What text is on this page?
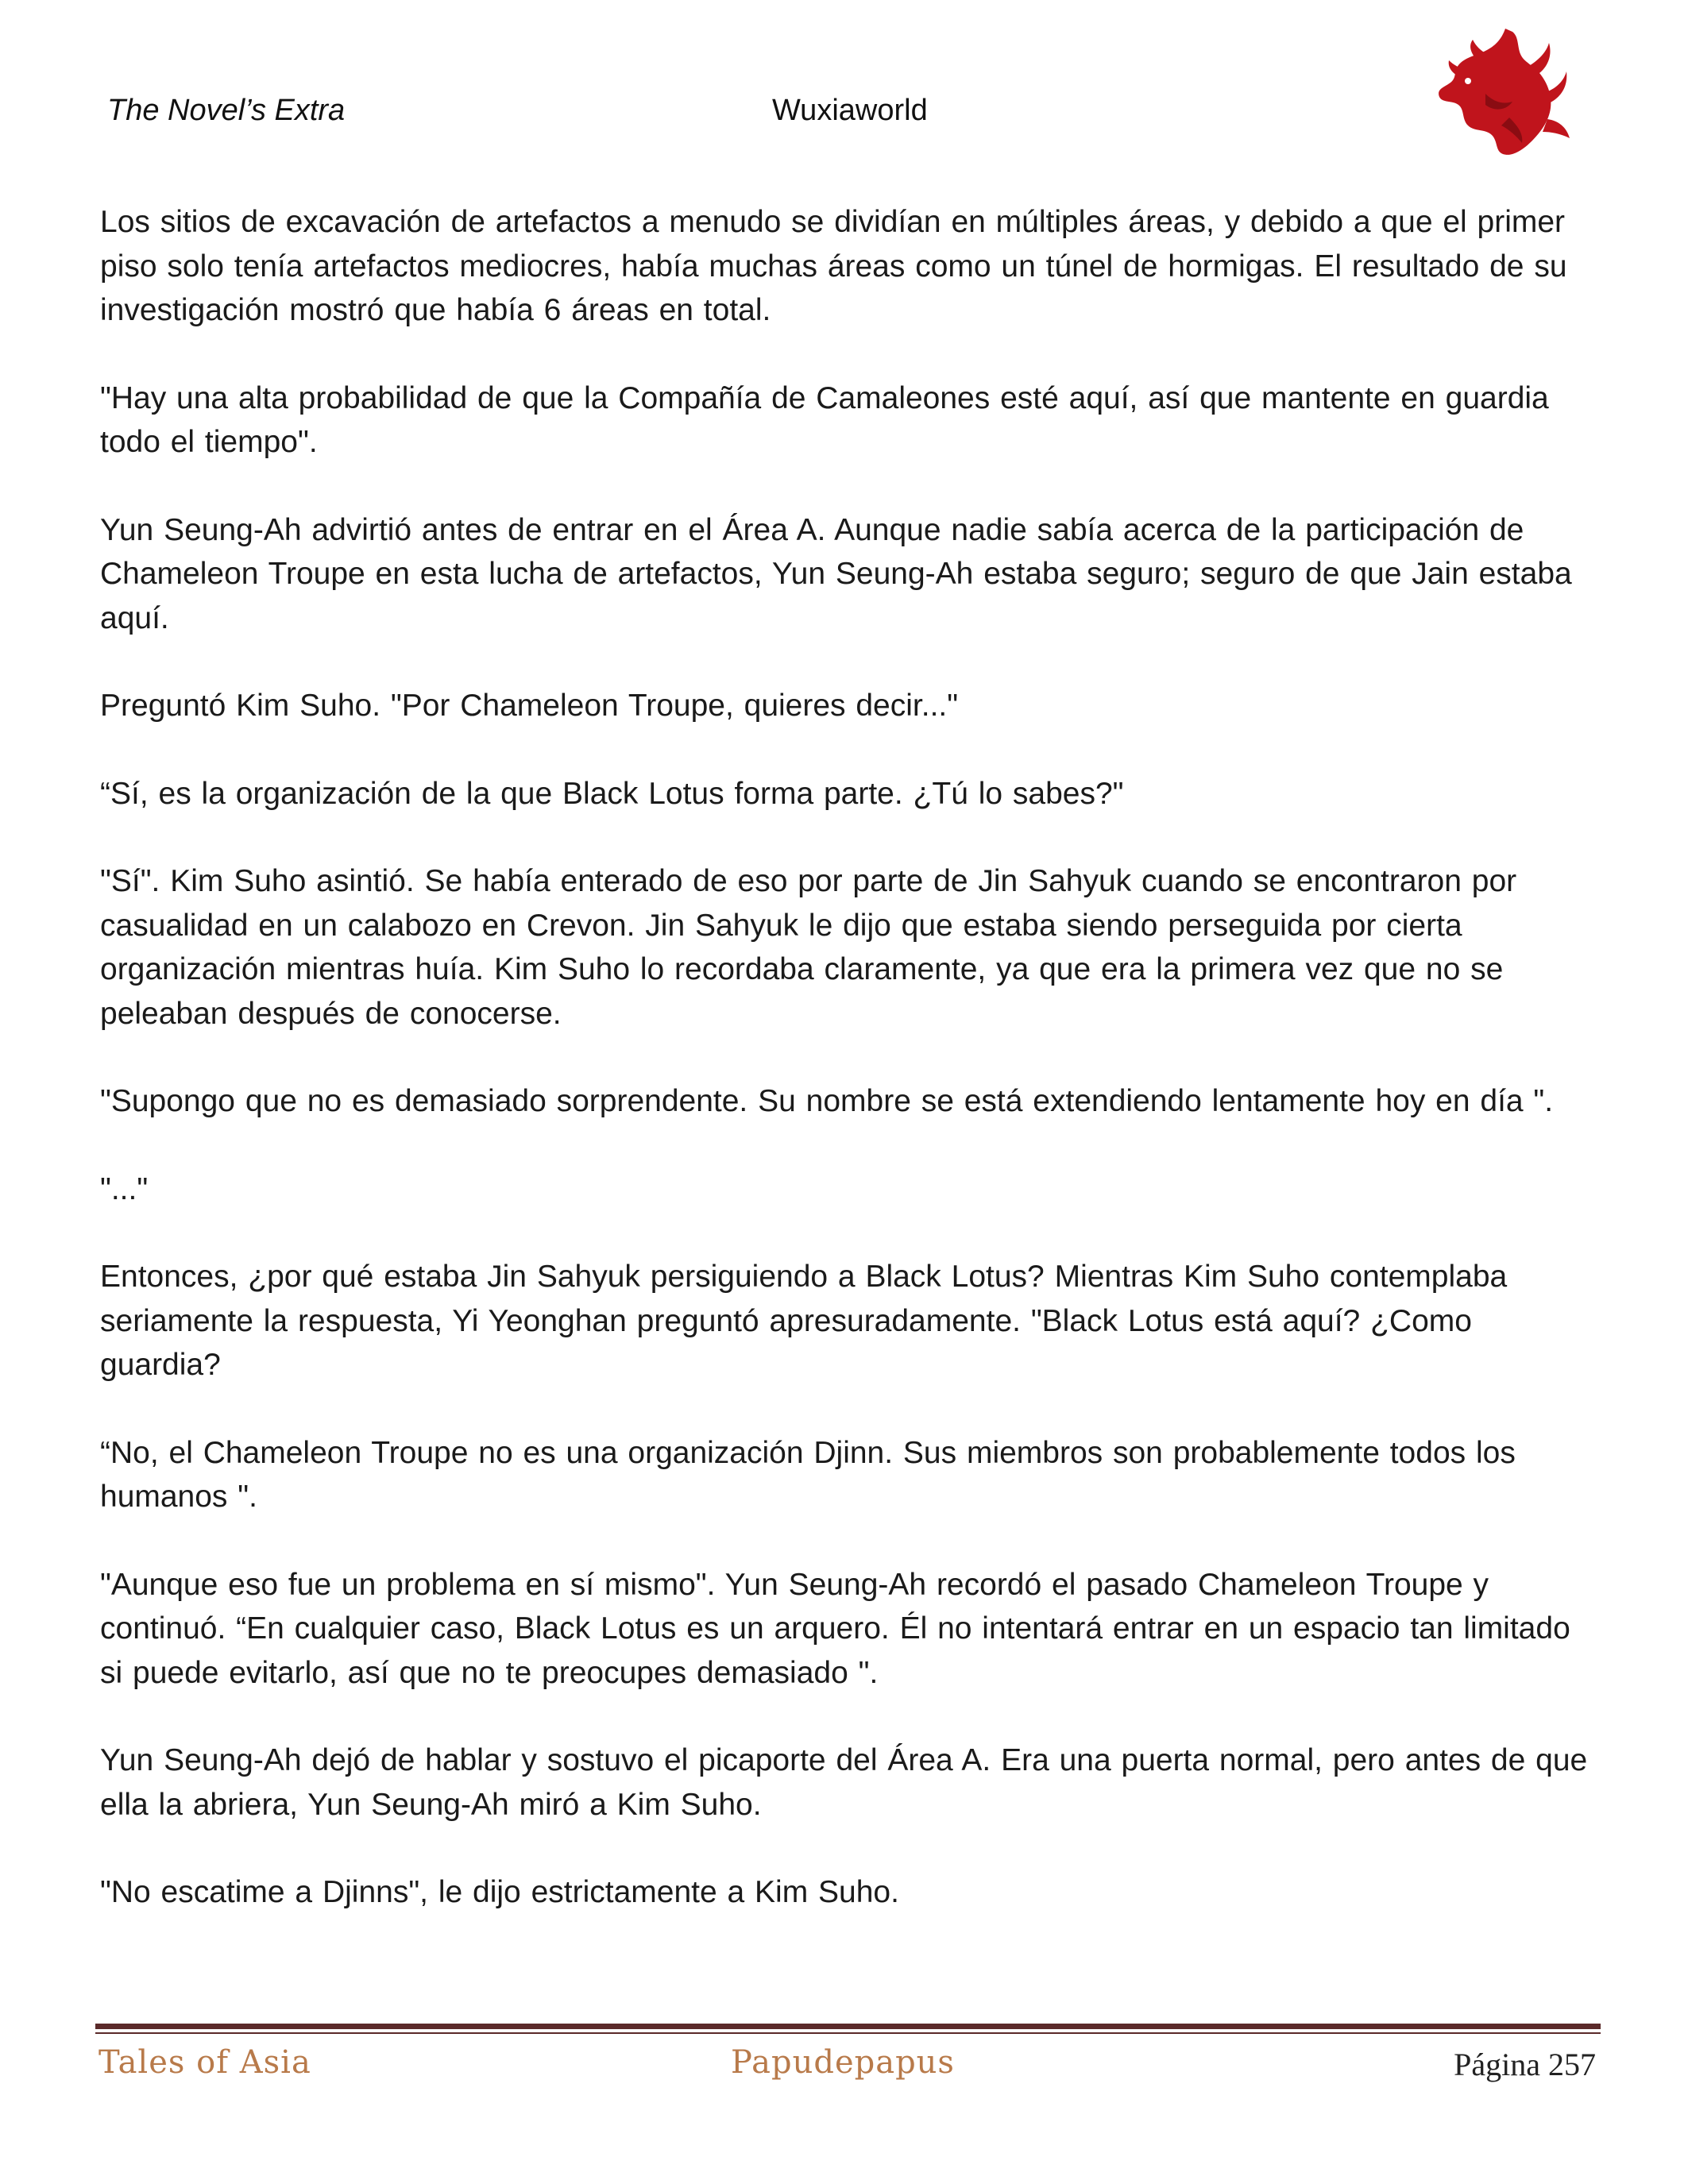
The Novel’s Extra	Wuxiaworld

Los sitios de excavación de artefactos a menudo se dividían en múltiples áreas, y debido a que el primer piso solo tenía artefactos mediocres, había muchas áreas como un túnel de hormigas. El resultado de su investigación mostró que había 6 áreas en total.

"Hay una alta probabilidad de que la Compañía de Camaleones esté aquí, así que mantente en guardia todo el tiempo".

Yun Seung-Ah advirtió antes de entrar en el Área A. Aunque nadie sabía acerca de la participación de Chameleon Troupe en esta lucha de artefactos, Yun Seung-Ah estaba seguro; seguro de que Jain estaba aquí.

Preguntó Kim Suho. "Por Chameleon Troupe, quieres decir..."

“Sí, es la organización de la que Black Lotus forma parte. ¿Tú lo sabes?"

"Sí". Kim Suho asintió. Se había enterado de eso por parte de Jin Sahyuk cuando se encontraron por casualidad en un calabozo en Crevon. Jin Sahyuk le dijo que estaba siendo perseguida por cierta organización mientras huía. Kim Suho lo recordaba claramente, ya que era la primera vez que no se peleaban después de conocerse.

"Supongo que no es demasiado sorprendente. Su nombre se está extendiendo lentamente hoy en día ".

"..."

Entonces, ¿por qué estaba Jin Sahyuk persiguiendo a Black Lotus? Mientras Kim Suho contemplaba seriamente la respuesta, Yi Yeonghan preguntó apresuradamente. "Black Lotus está aquí? ¿Como guardia?

“No, el Chameleon Troupe no es una organización Djinn. Sus miembros son probablemente todos los humanos ".

"Aunque eso fue un problema en sí mismo". Yun Seung-Ah recordó el pasado Chameleon Troupe y continuó. “En cualquier caso, Black Lotus es un arquero. Él no intentará entrar en un espacio tan limitado si puede evitarlo, así que no te preocupes demasiado ".

Yun Seung-Ah dejó de hablar y sostuvo el picaporte del Área A. Era una puerta normal, pero antes de que ella la abriera, Yun Seung-Ah miró a Kim Suho.

"No escatime a Djinns", le dijo estrictamente a Kim Suho.

Tales of Asia	Papudepapus	Página 257
